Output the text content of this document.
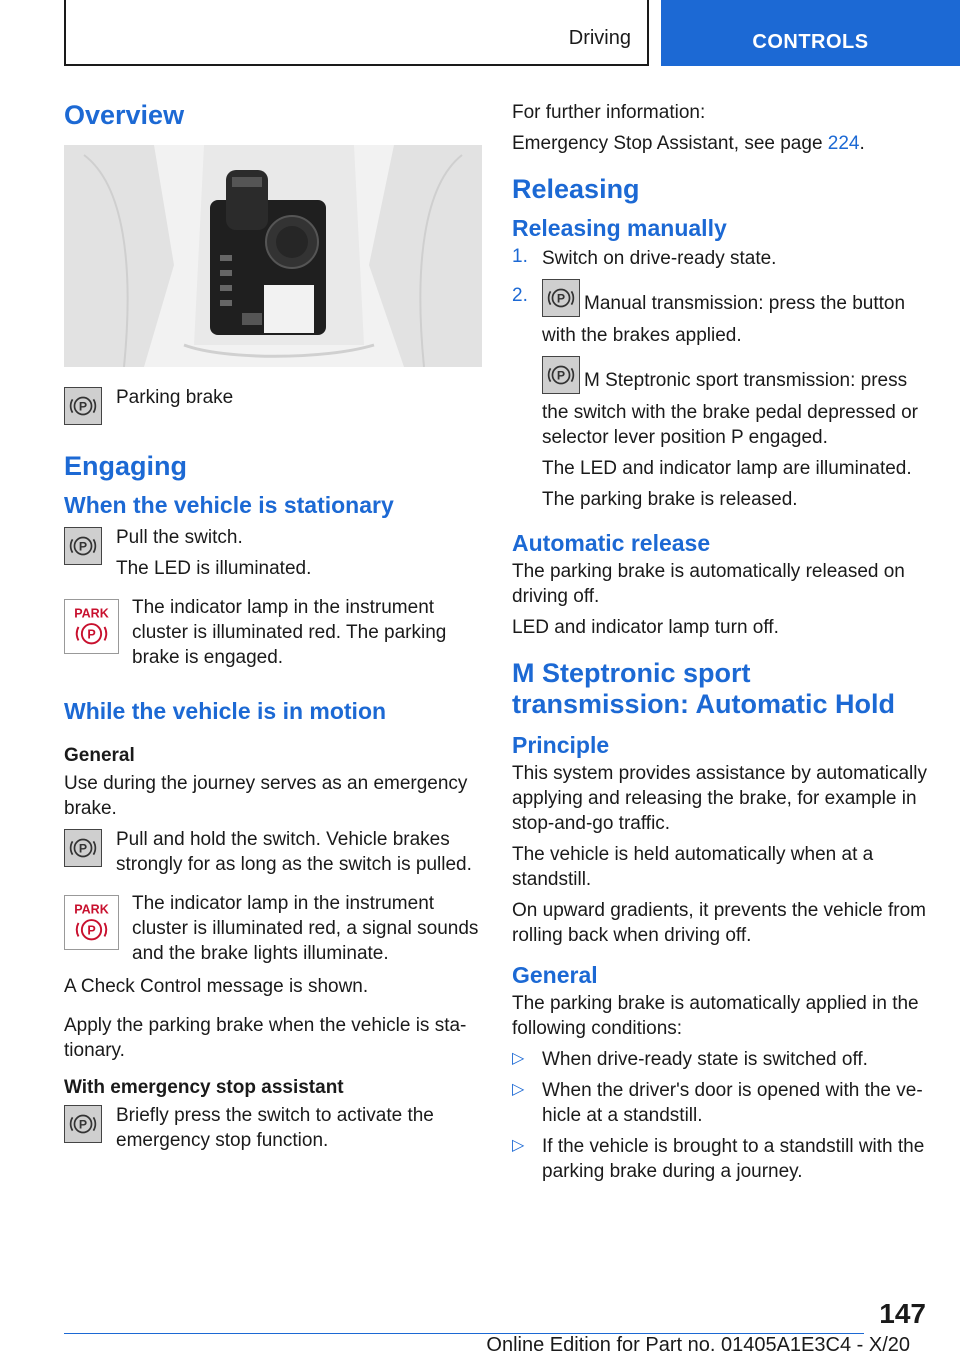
Driving	CONTROLS
Overview
P Parking brake

Engaging
When the vehicle is stationary
P Pull the switch.

The LED is illuminated.

PARK
P

The indicator lamp in the instrument cluster is illuminated red. The parking brake is engaged.

While the vehicle is in motion
General

Use during the journey serves as an emergency brake.

P Pull and hold the switch. Vehicle brakes strongly for as long as the switch is pulled.

PARK
P

The indicator lamp in the instrument cluster is illuminated red, a signal sounds and the brake lights illuminate.

A Check Control message is shown.

Apply the parking brake when the vehicle is sta‐tionary.

With emergency stop assistant
P Briefly press the switch to activate the emergency stop function.

For further information:

Emergency Stop Assistant, see page 224.

Releasing
Releasing manually
1. Switch on drive-ready state.

2. P Manual transmission: press the button with the brakes applied.

P M Steptronic sport transmission: press the switch with the brake pedal depressed or selector lever position P engaged.

The LED and indicator lamp are illuminated.

The parking brake is released.

Automatic release

The parking brake is automatically released on driving off.

LED and indicator lamp turn off.

M Steptronic sport transmission: Automatic Hold
Principle

This system provides assistance by automatically applying and releasing the brake, for example in stop-and-go traffic.

The vehicle is held automatically when at a standstill.

On upward gradients, it prevents the vehicle from rolling back when driving off.

General

The parking brake is automatically applied in the following conditions:

▷ When drive-ready state is switched off.

▷ When the driver's door is opened with the ve‐hicle at a standstill.

▷ If the vehicle is brought to a standstill with the parking brake during a journey.

147
Online Edition for Part no. 01405A1E3C4 - X/20
